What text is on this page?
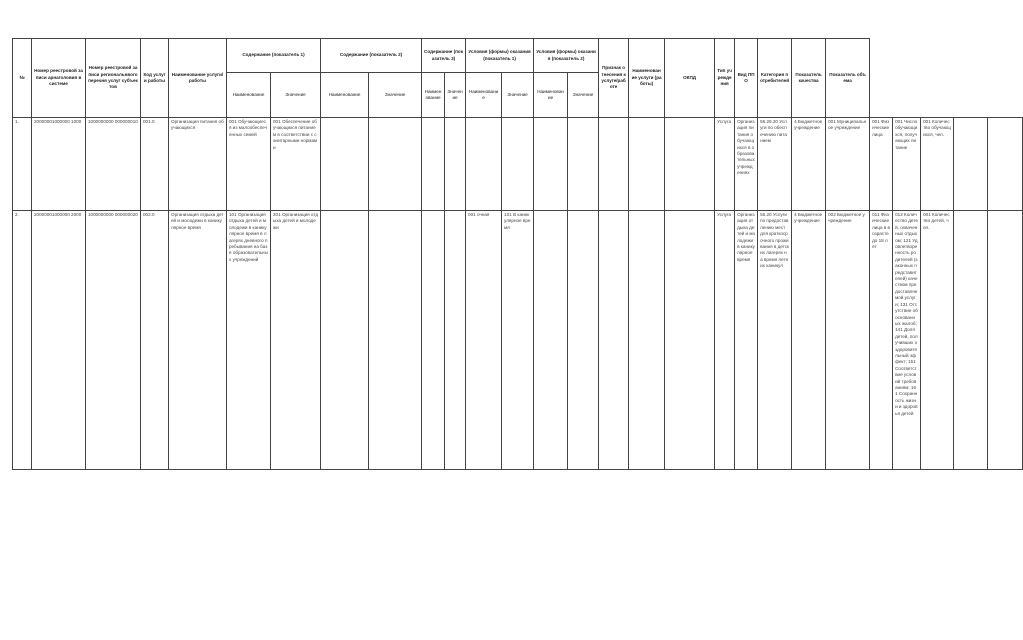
№	Номер реестровой записи арнаголовия в системе	Номер реестровой записи региональнвого перечня услуг субъектов	Код услуги работы	Наименование услуги/работы	Содержание (показатель 1)		Содержание (показатель 2)		Содержание (показатель 3)		Условия (формы) оказания (показатель 1)		Условия (формы) оказания (показатель 2)		Признак отнесения к услуге/работе	Наименование услуги (работы)	ОКПД	Тип учреждения	Вид ППО	Категория потребителей	Показатель качества	Показатель объема					
					Наименование	Значение	Наименование	Значение	Наименование	Значение	Наименование	Значение	Наименование	Значение													
1.	20000001000000 1000	1000000000 000000010	001.0	Организация питания обучающихся	001 Обучающиеся из малообеспеченных семей	001 Обеспечение обучающихся питанием в соответствии с санитарными нормами												Услуга	Организация питания обучающихся в образовательных учреждениях	56.29.20 Услуги по обеспечению питанием	4 Бюджетное учреждение	001 Муниципальное учреждение	001 Физические лица	001 Число обучающихся, получающих питание	001 Количество обучающихся, чел.		
2.	20000001000000 2000	1000000000 000000020	002.0	Организация отдыха детей и молодежи в каникулярное время	101 Организация отдыха детей и молодежи в каникулярное время в лагерях дневного пребывания на базе образовательных учреждений	201 Организация отдыха детей и молодежи					001 очная	101 В каникулярное время						Услуга	Организация отдыха детей и молодежи в каникулярное время	55.20 Услуги по предоставлению мест для краткосрочного проживания в детских лагерях на время летних каникул	4 Бюджетное учреждение	002 Бюджетное учреждение	011 Физические лица в возрасте до 18 лет	012 Количество детей, охваченных отдыхом; 121 Удовлетворенность родителей (законных представителей) качеством предоставляемой услуги; 131 Отсутствие обоснованных жалоб; 141 Доля детей, получивших оздоровительный эффект; 151 Соответствие условий требованиям; 161 Сохранность жизни и здоровья детей	001 Количество детей, чел.		
